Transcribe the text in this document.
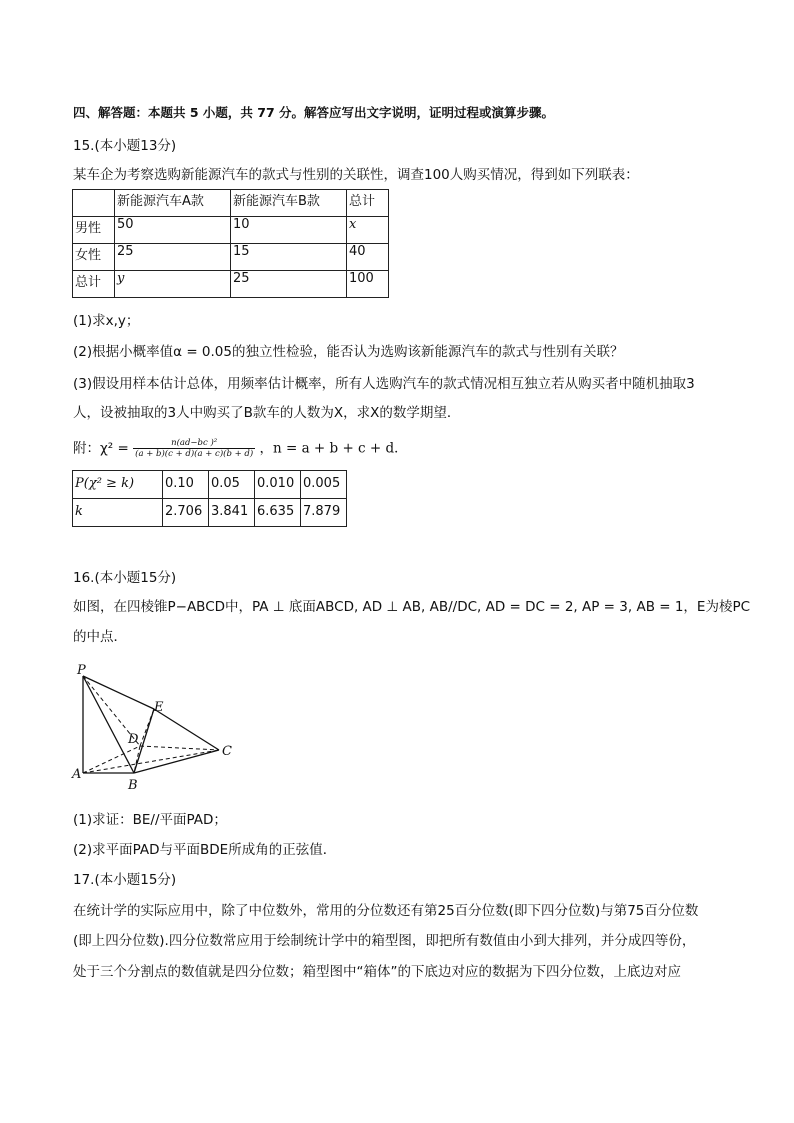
四、解答题：本题共 5 小题，共 77 分。解答应写出文字说明，证明过程或演算步骤。
15.(本小题13分)
某车企为考察选购新能源汽车的款式与性别的关联性，调查100人购买情况，得到如下列联表：
	新能源汽车A款	新能源汽车B款	总计
男性	50	10	x
女性	25	15	40
总计	y	25	100
(1)求x,y；
(2)根据小概率值α = 0.05的独立性检验，能否认为选购该新能源汽车的款式与性别有关联？
(3)假设用样本估计总体，用频率估计概率，所有人选购汽车的款式情况相互独立若从购买者中随机抽取3
人，设被抽取的3人中购买了B款车的人数为X，求X的数学期望．
附：$\chi^2 = \frac{\text{n(ad−bc )²}}{(a + b)(c + d)(a + c)(b + d)}$ ，n = a + b + c + d．
P(χ² ≥ k)	0.10	0.05	0.010	0.005
k	2.706	3.841	6.635	7.879
16.(本小题15分)
如图，在四棱锥P−ABCD中，PA ⊥ 底面ABCD, AD ⊥ AB, AB//DC, AD = DC = 2, AP = 3, AB = 1，E为棱PC
的中点．
P
A
B
C
D
E
(1)求证：BE//平面PAD；
(2)求平面PAD与平面BDE所成角的正弦值．
17.(本小题15分)
在统计学的实际应用中，除了中位数外，常用的分位数还有第25百分位数(即下四分位数)与第75百分位数
(即上四分位数).四分位数常应用于绘制统计学中的箱型图，即把所有数值由小到大排列，并分成四等份，
处于三个分割点的数值就是四分位数；箱型图中“箱体”的下底边对应的数据为下四分位数，上底边对应
